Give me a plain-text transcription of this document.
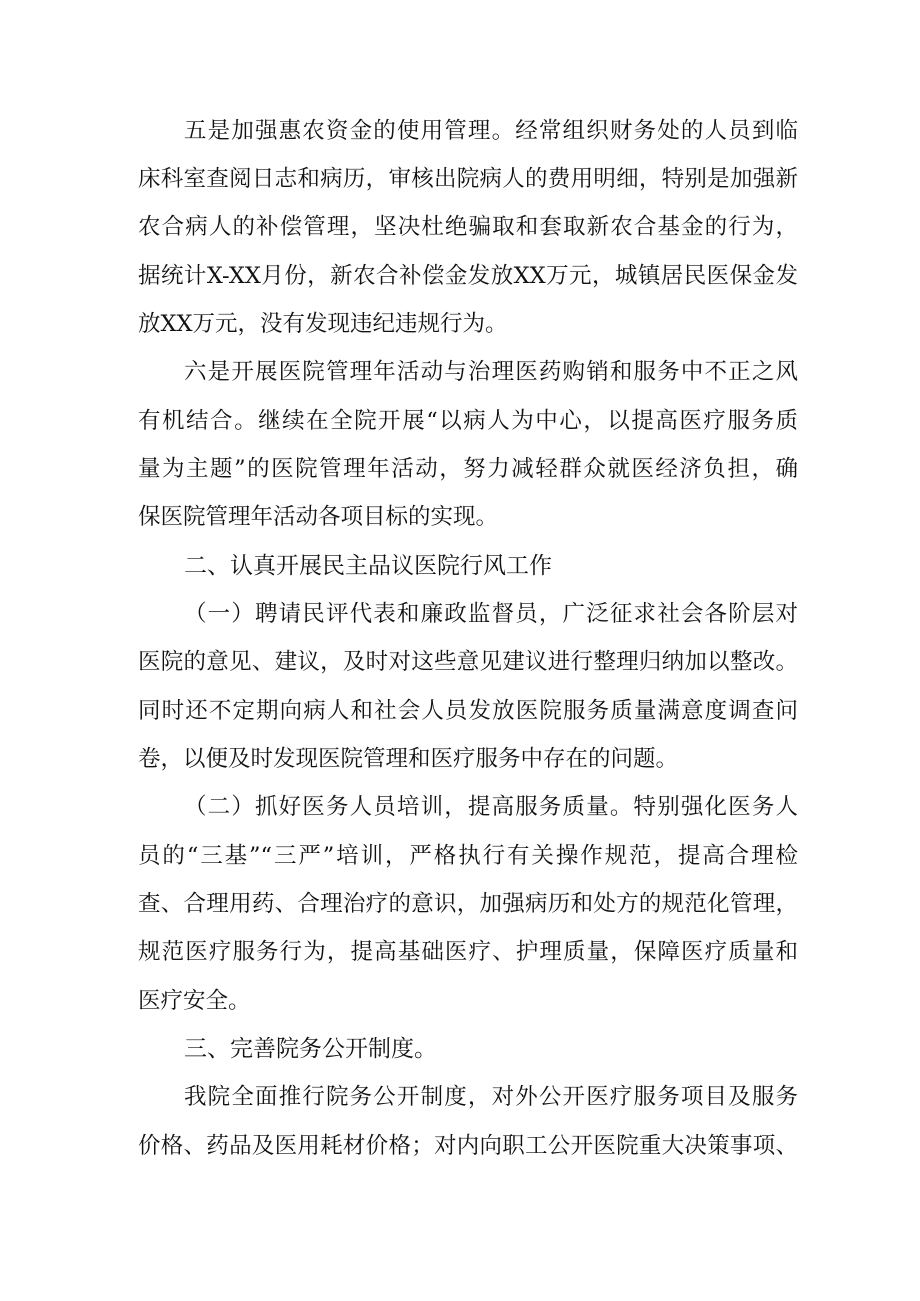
五是加强惠农资金的使用管理。经常组织财务处的人员到临
床科室查阅日志和病历，审核出院病人的费用明细，特别是加强新
农合病人的补偿管理，坚决杜绝骗取和套取新农合基金的行为，
据统计X-XX月份，新农合补偿金发放XX万元，城镇居民医保金发
放XX万元，没有发现违纪违规行为。
六是开展医院管理年活动与治理医药购销和服务中不正之风
有机结合。继续在全院开展“以病人为中心，以提高医疗服务质
量为主题”的医院管理年活动，努力减轻群众就医经济负担，确
保医院管理年活动各项目标的实现。
二、认真开展民主品议医院行风工作
（一）聘请民评代表和廉政监督员，广泛征求社会各阶层对
医院的意见、建议，及时对这些意见建议进行整理归纳加以整改。
同时还不定期向病人和社会人员发放医院服务质量满意度调查问
卷，以便及时发现医院管理和医疗服务中存在的问题。
（二）抓好医务人员培训，提高服务质量。特别强化医务人
员的“三基”“三严”培训，严格执行有关操作规范，提高合理检
查、合理用药、合理治疗的意识，加强病历和处方的规范化管理，
规范医疗服务行为，提高基础医疗、护理质量，保障医疗质量和
医疗安全。
三、完善院务公开制度。
我院全面推行院务公开制度，对外公开医疗服务项目及服务
价格、药品及医用耗材价格；对内向职工公开医院重大决策事项、
